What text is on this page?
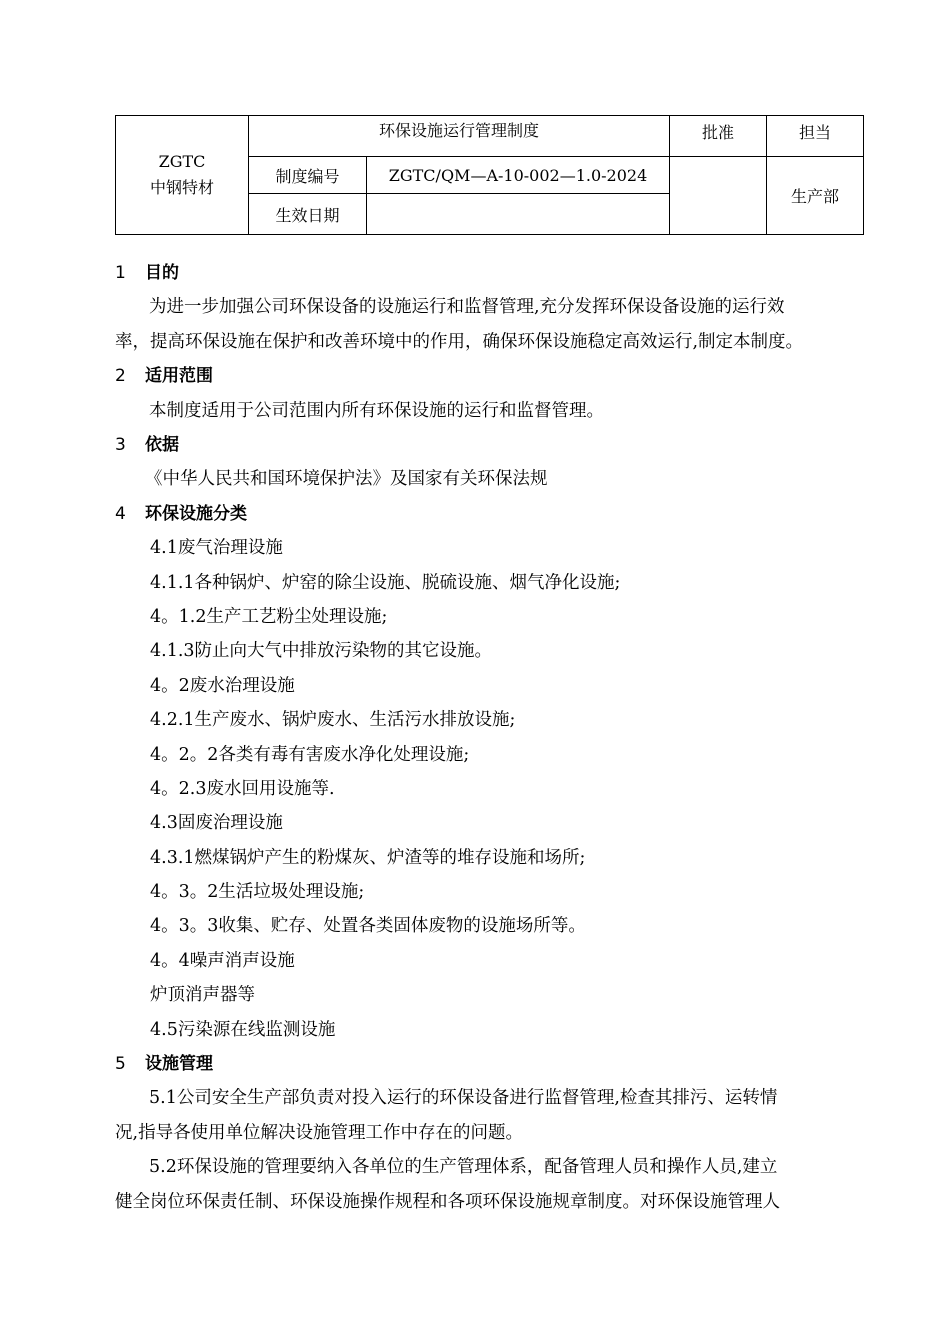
ZGTC
中钢特材	环保设施运行管理制度		批准	担当
	制度编号	ZGTC/QM—A-10-002—1.0-2024		生产部
	生效日期			
1 目的
为进一步加强公司环保设备的设施运行和监督管理,充分发挥环保设备设施的运行效
率，提高环保设施在保护和改善环境中的作用，确保环保设施稳定高效运行,制定本制度。
2 适用范围
本制度适用于公司范围内所有环保设施的运行和监督管理。
3 依据
《中华人民共和国环境保护法》及国家有关环保法规
4 环保设施分类
4.1废气治理设施
4.1.1各种锅炉、炉窑的除尘设施、脱硫设施、烟气净化设施;
4。1.2生产工艺粉尘处理设施;
4.1.3防止向大气中排放污染物的其它设施。
4。2废水治理设施
4.2.1生产废水、锅炉废水、生活污水排放设施;
4。2。2各类有毒有害废水净化处理设施;
4。2.3废水回用设施等.
4.3固废治理设施
4.3.1燃煤锅炉产生的粉煤灰、炉渣等的堆存设施和场所;
4。3。2生活垃圾处理设施;
4。3。3收集、贮存、处置各类固体废物的设施场所等。
4。4噪声消声设施
炉顶消声器等
4.5污染源在线监测设施
5 设施管理
5.1公司安全生产部负责对投入运行的环保设备进行监督管理,检查其排污、运转情
况,指导各使用单位解决设施管理工作中存在的问题。
5.2环保设施的管理要纳入各单位的生产管理体系，配备管理人员和操作人员,建立
健全岗位环保责任制、环保设施操作规程和各项环保设施规章制度。对环保设施管理人
